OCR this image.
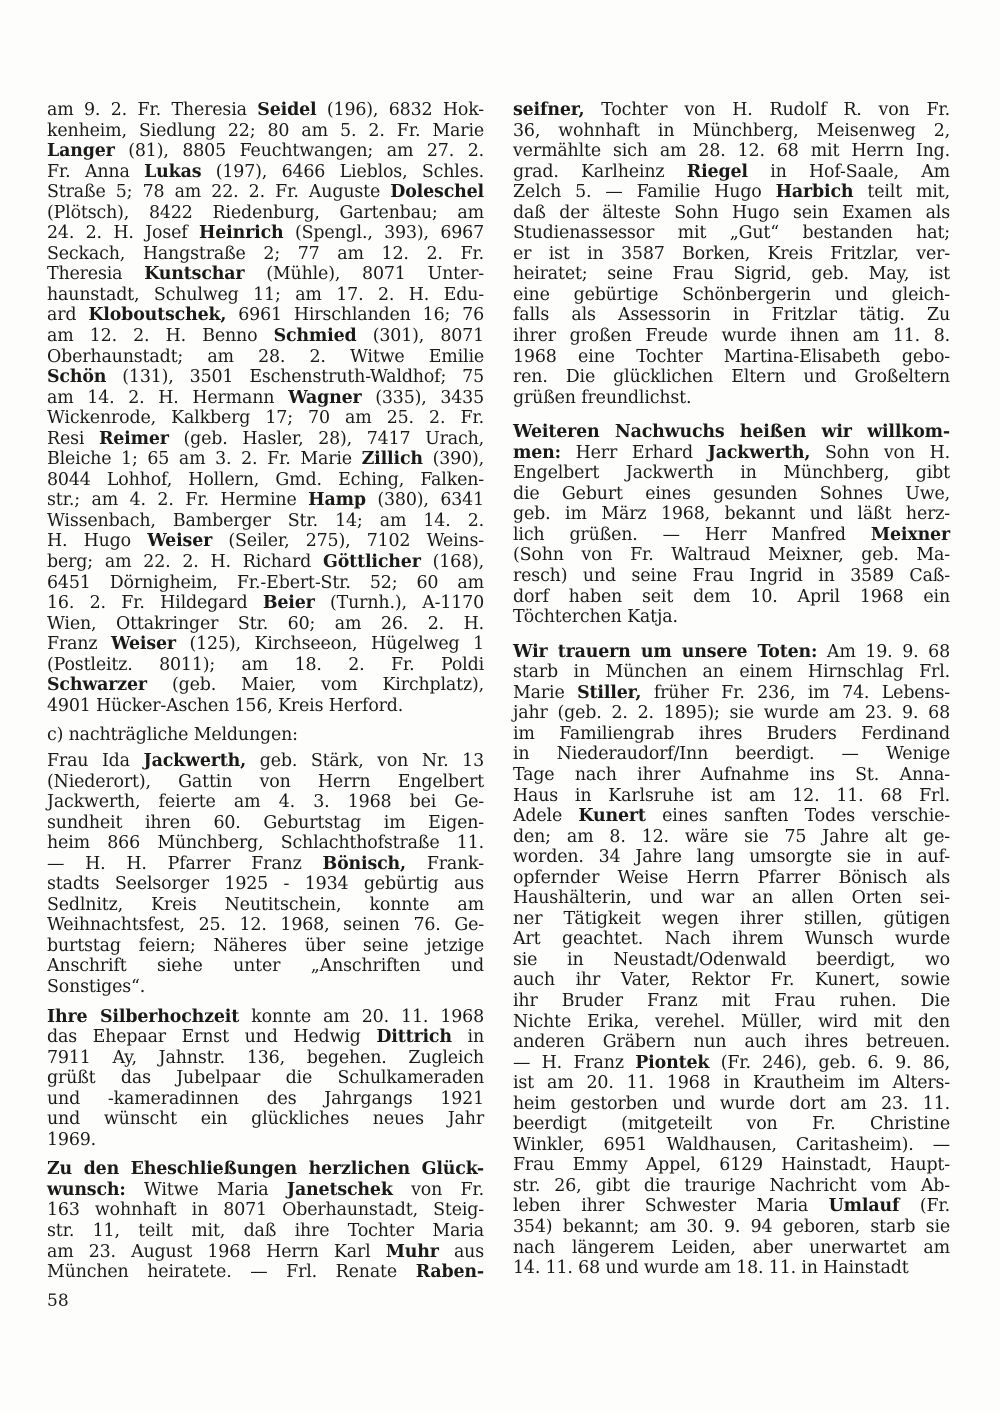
am 9. 2. Fr. Theresia Seidel (196), 6832 Hok-
kenheim, Siedlung 22; 80 am 5. 2. Fr. Marie
Langer (81), 8805 Feuchtwangen; am 27. 2.
Fr. Anna Lukas (197), 6466 Lieblos, Schles.
Straße 5; 78 am 22. 2. Fr. Auguste Doleschel
(Plötsch), 8422 Riedenburg, Gartenbau; am
24. 2. H. Josef Heinrich (Spengl., 393), 6967
Seckach, Hangstraße 2; 77 am 12. 2. Fr.
Theresia Kuntschar (Mühle), 8071 Unter-
haunstadt, Schulweg 11; am 17. 2. H. Edu-
ard Kloboutschek, 6961 Hirschlanden 16; 76
am 12. 2. H. Benno Schmied (301), 8071
Oberhaunstadt; am 28. 2. Witwe Emilie
Schön (131), 3501 Eschenstruth-Waldhof; 75
am 14. 2. H. Hermann Wagner (335), 3435
Wickenrode, Kalkberg 17; 70 am 25. 2. Fr.
Resi Reimer (geb. Hasler, 28), 7417 Urach,
Bleiche 1; 65 am 3. 2. Fr. Marie Zillich (390),
8044 Lohhof, Hollern, Gmd. Eching, Falken-
str.; am 4. 2. Fr. Hermine Hamp (380), 6341
Wissenbach, Bamberger Str. 14; am 14. 2.
H. Hugo Weiser (Seiler, 275), 7102 Weins-
berg; am 22. 2. H. Richard Göttlicher (168),
6451 Dörnigheim, Fr.-Ebert-Str. 52; 60 am
16. 2. Fr. Hildegard Beier (Turnh.), A-1170
Wien, Ottakringer Str. 60; am 26. 2. H.
Franz Weiser (125), Kirchseeon, Hügelweg 1
(Postleitz. 8011); am 18. 2. Fr. Poldi
Schwarzer (geb. Maier, vom Kirchplatz),
4901 Hücker-Aschen 156, Kreis Herford.
c) nachträgliche Meldungen:
Frau Ida Jackwerth, geb. Stärk, von Nr. 13
(Niederort), Gattin von Herrn Engelbert
Jackwerth, feierte am 4. 3. 1968 bei Ge-
sundheit ihren 60. Geburtstag im Eigen-
heim 866 Münchberg, Schlachthofstraße 11.
— H. H. Pfarrer Franz Bönisch, Frank-
stadts Seelsorger 1925 - 1934 gebürtig aus
Sedlnitz, Kreis Neutitschein, konnte am
Weihnachtsfest, 25. 12. 1968, seinen 76. Ge-
burtstag feiern; Näheres über seine jetzige
Anschrift siehe unter „Anschriften und
Sonstiges“.
Ihre Silberhochzeit konnte am 20. 11. 1968
das Ehepaar Ernst und Hedwig Dittrich in
7911 Ay, Jahnstr. 136, begehen. Zugleich
grüßt das Jubelpaar die Schulkameraden
und -kameradinnen des Jahrgangs 1921
und wünscht ein glückliches neues Jahr
1969.
Zu den Eheschließungen herzlichen Glück-
wunsch: Witwe Maria Janetschek von Fr.
163 wohnhaft in 8071 Oberhaunstadt, Steig-
str. 11, teilt mit, daß ihre Tochter Maria
am 23. August 1968 Herrn Karl Muhr aus
München heiratete. — Frl. Renate Raben-
seifner, Tochter von H. Rudolf R. von Fr.
36, wohnhaft in Münchberg, Meisenweg 2,
vermählte sich am 28. 12. 68 mit Herrn Ing.
grad. Karlheinz Riegel in Hof-Saale, Am
Zelch 5. — Familie Hugo Harbich teilt mit,
daß der älteste Sohn Hugo sein Examen als
Studienassessor mit „Gut“ bestanden hat;
er ist in 3587 Borken, Kreis Fritzlar, ver-
heiratet; seine Frau Sigrid, geb. May, ist
eine gebürtige Schönbergerin und gleich-
falls als Assessorin in Fritzlar tätig. Zu
ihrer großen Freude wurde ihnen am 11. 8.
1968 eine Tochter Martina-Elisabeth gebo-
ren. Die glücklichen Eltern und Großeltern
grüßen freundlichst.
Weiteren Nachwuchs heißen wir willkom-
men: Herr Erhard Jackwerth, Sohn von H.
Engelbert Jackwerth in Münchberg, gibt
die Geburt eines gesunden Sohnes Uwe,
geb. im März 1968, bekannt und läßt herz-
lich grüßen. — Herr Manfred Meixner
(Sohn von Fr. Waltraud Meixner, geb. Ma-
resch) und seine Frau Ingrid in 3589 Caß-
dorf haben seit dem 10. April 1968 ein
Töchterchen Katja.
Wir trauern um unsere Toten: Am 19. 9. 68
starb in München an einem Hirnschlag Frl.
Marie Stiller, früher Fr. 236, im 74. Lebens-
jahr (geb. 2. 2. 1895); sie wurde am 23. 9. 68
im Familiengrab ihres Bruders Ferdinand
in Niederaudorf/Inn beerdigt. — Wenige
Tage nach ihrer Aufnahme ins St. Anna-
Haus in Karlsruhe ist am 12. 11. 68 Frl.
Adele Kunert eines sanften Todes verschie-
den; am 8. 12. wäre sie 75 Jahre alt ge-
worden. 34 Jahre lang umsorgte sie in auf-
opfernder Weise Herrn Pfarrer Bönisch als
Haushälterin, und war an allen Orten sei-
ner Tätigkeit wegen ihrer stillen, gütigen
Art geachtet. Nach ihrem Wunsch wurde
sie in Neustadt/Odenwald beerdigt, wo
auch ihr Vater, Rektor Fr. Kunert, sowie
ihr Bruder Franz mit Frau ruhen. Die
Nichte Erika, verehel. Müller, wird mit den
anderen Gräbern nun auch ihres betreuen.
— H. Franz Piontek (Fr. 246), geb. 6. 9. 86,
ist am 20. 11. 1968 in Krautheim im Alters-
heim gestorben und wurde dort am 23. 11.
beerdigt (mitgeteilt von Fr. Christine
Winkler, 6951 Waldhausen, Caritasheim). —
Frau Emmy Appel, 6129 Hainstadt, Haupt-
str. 26, gibt die traurige Nachricht vom Ab-
leben ihrer Schwester Maria Umlauf (Fr.
354) bekannt; am 30. 9. 94 geboren, starb sie
nach längerem Leiden, aber unerwartet am
14. 11. 68 und wurde am 18. 11. in Hainstadt
58
